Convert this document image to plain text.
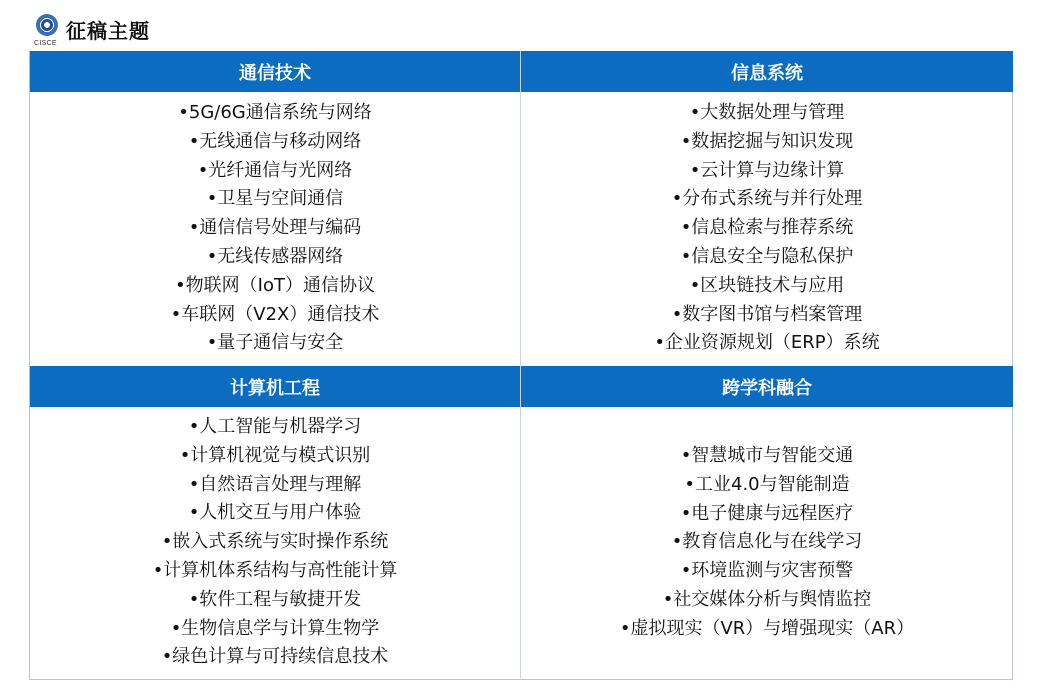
CISCE
征稿主题
通信技术	信息系统
•5G/6G通信系统与网络
•无线通信与移动网络
•光纤通信与光网络
•卫星与空间通信
•通信信号处理与编码
•无线传感器网络
•物联网（IoT）通信协议
•车联网（V2X）通信技术
•量子通信与安全
•大数据处理与管理
•数据挖掘与知识发现
•云计算与边缘计算
•分布式系统与并行处理
•信息检索与推荐系统
•信息安全与隐私保护
•区块链技术与应用
•数字图书馆与档案管理
•企业资源规划（ERP）系统
计算机工程	跨学科融合
•人工智能与机器学习
•计算机视觉与模式识别
•自然语言处理与理解
•人机交互与用户体验
•嵌入式系统与实时操作系统
•计算机体系结构与高性能计算
•软件工程与敏捷开发
•生物信息学与计算生物学
•绿色计算与可持续信息技术
•智慧城市与智能交通
•工业4.0与智能制造
•电子健康与远程医疗
•教育信息化与在线学习
•环境监测与灾害预警
•社交媒体分析与舆情监控
•虚拟现实（VR）与增强现实（AR）
